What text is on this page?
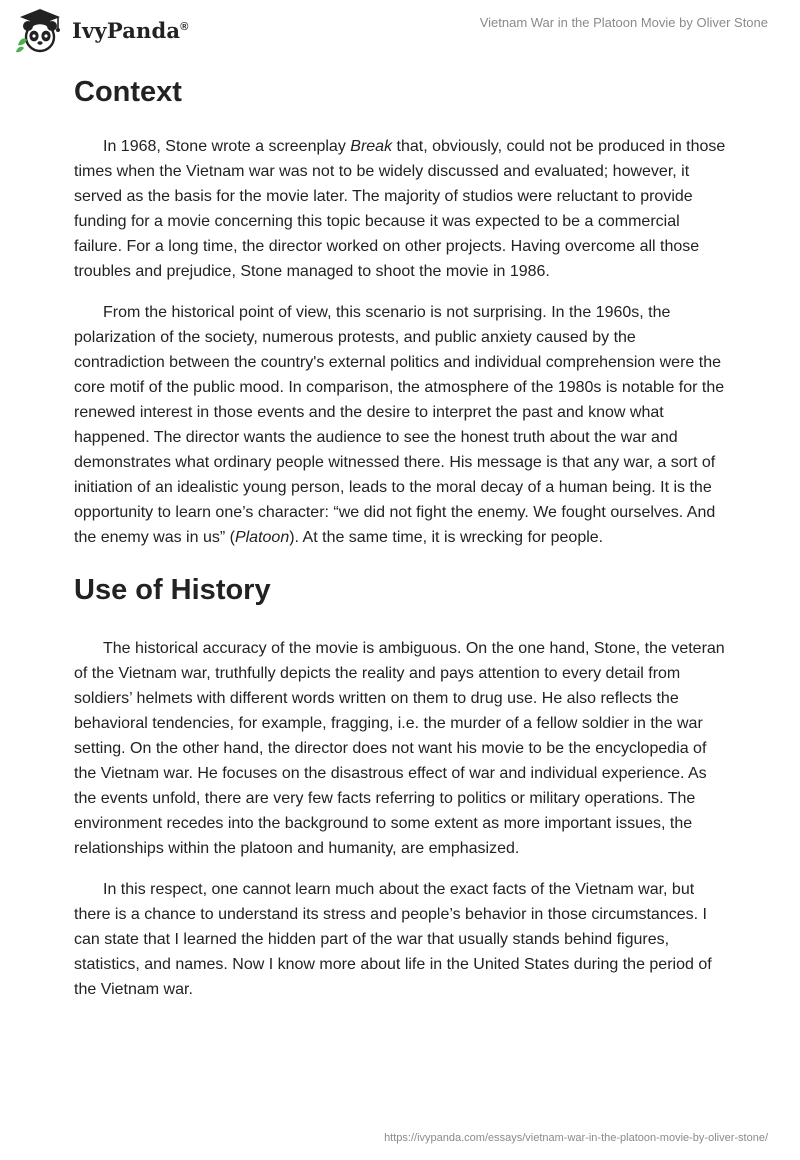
IvyPanda®	Vietnam War in the Platoon Movie by Oliver Stone
Context

In 1968, Stone wrote a screenplay Break that, obviously, could not be produced in those times when the Vietnam war was not to be widely discussed and evaluated; however, it served as the basis for the movie later. The majority of studios were reluctant to provide funding for a movie concerning this topic because it was expected to be a commercial failure. For a long time, the director worked on other projects. Having overcome all those troubles and prejudice, Stone managed to shoot the movie in 1986.

From the historical point of view, this scenario is not surprising. In the 1960s, the polarization of the society, numerous protests, and public anxiety caused by the contradiction between the country's external politics and individual comprehension were the core motif of the public mood. In comparison, the atmosphere of the 1980s is notable for the renewed interest in those events and the desire to interpret the past and know what happened. The director wants the audience to see the honest truth about the war and demonstrates what ordinary people witnessed there. His message is that any war, a sort of initiation of an idealistic young person, leads to the moral decay of a human being. It is the opportunity to learn one’s character: “we did not fight the enemy. We fought ourselves. And the enemy was in us” (Platoon). At the same time, it is wrecking for people.

Use of History

The historical accuracy of the movie is ambiguous. On the one hand, Stone, the veteran of the Vietnam war, truthfully depicts the reality and pays attention to every detail from soldiers’ helmets with different words written on them to drug use. He also reflects the behavioral tendencies, for example, fragging, i.e. the murder of a fellow soldier in the war setting. On the other hand, the director does not want his movie to be the encyclopedia of the Vietnam war. He focuses on the disastrous effect of war and individual experience. As the events unfold, there are very few facts referring to politics or military operations. The environment recedes into the background to some extent as more important issues, the relationships within the platoon and humanity, are emphasized.

In this respect, one cannot learn much about the exact facts of the Vietnam war, but there is a chance to understand its stress and people’s behavior in those circumstances. I can state that I learned the hidden part of the war that usually stands behind figures, statistics, and names. Now I know more about life in the United States during the period of the Vietnam war.

https://ivypanda.com/essays/vietnam-war-in-the-platoon-movie-by-oliver-stone/
